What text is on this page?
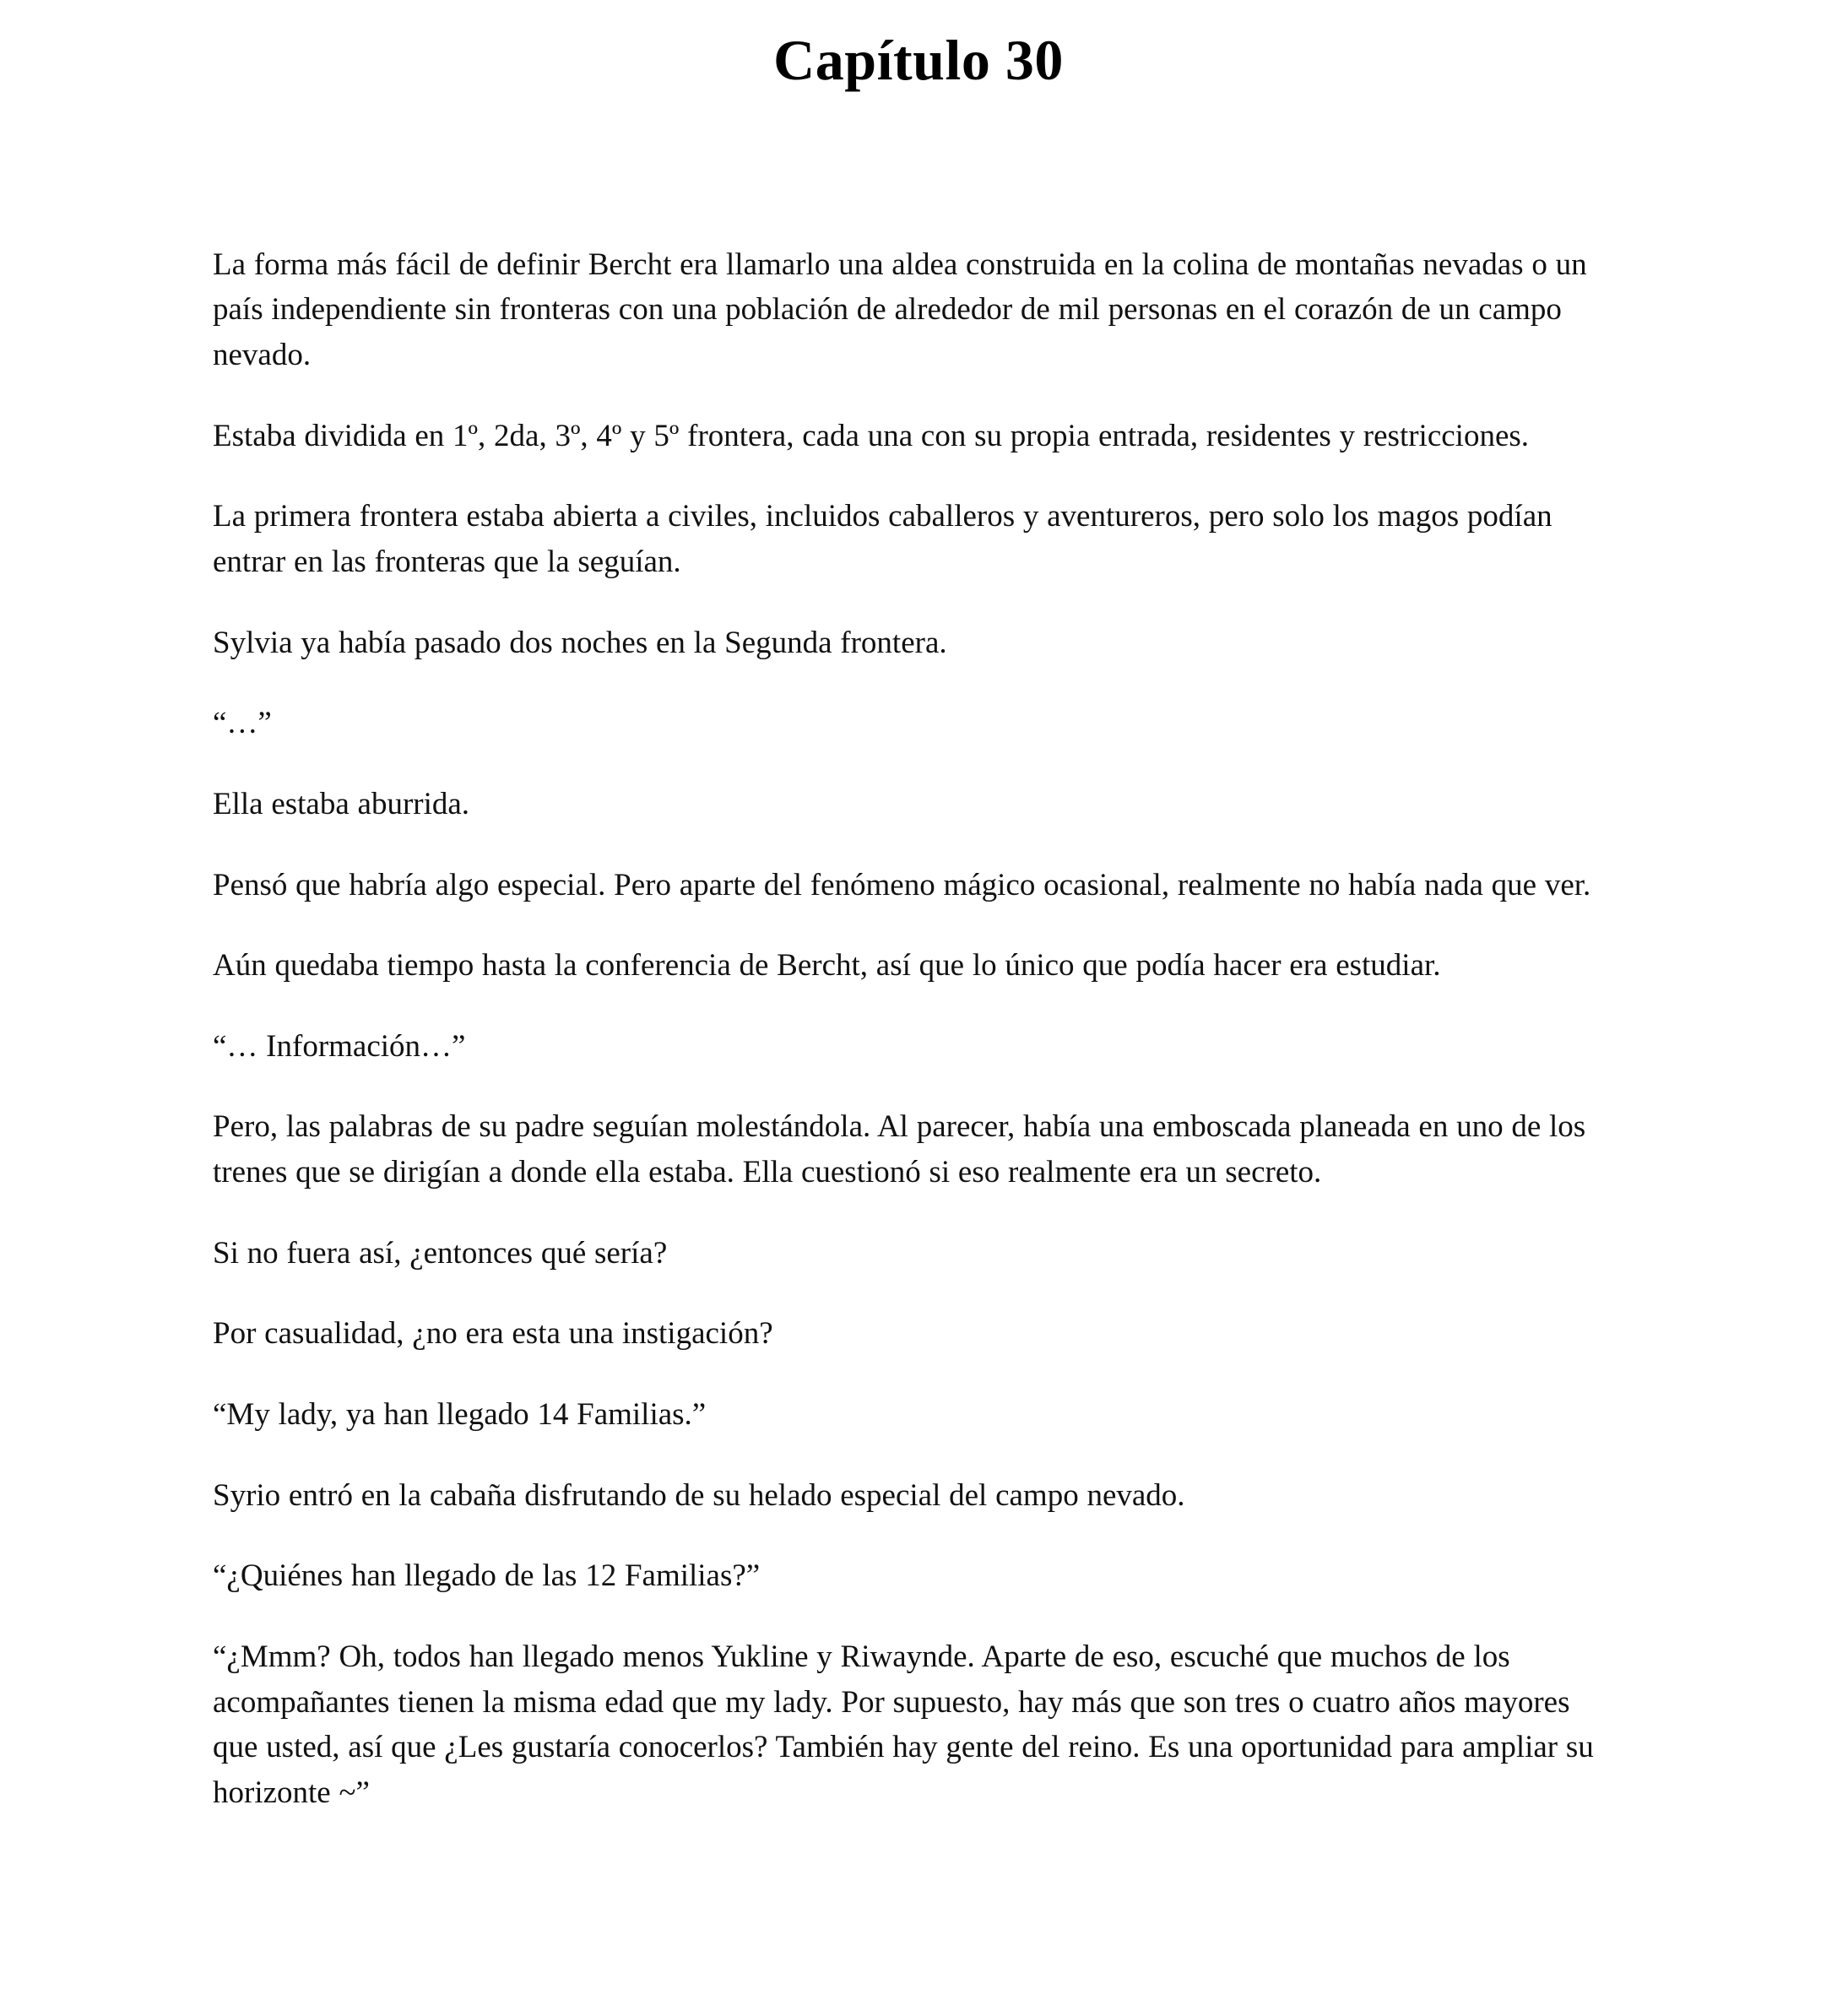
Capítulo 30

La forma más fácil de definir Bercht era llamarlo una aldea construida en la colina de montañas nevadas o un país independiente sin fronteras con una población de alrededor de mil personas en el corazón de un campo nevado.

Estaba dividida en 1º, 2da, 3º, 4º y 5º frontera, cada una con su propia entrada, residentes y restricciones.

La primera frontera estaba abierta a civiles, incluidos caballeros y aventureros, pero solo los magos podían entrar en las fronteras que la seguían.

Sylvia ya había pasado dos noches en la Segunda frontera.

“…”

Ella estaba aburrida.

Pensó que habría algo especial. Pero aparte del fenómeno mágico ocasional, realmente no había nada que ver.

Aún quedaba tiempo hasta la conferencia de Bercht, así que lo único que podía hacer era estudiar.

“… Información…”

Pero, las palabras de su padre seguían molestándola. Al parecer, había una emboscada planeada en uno de los trenes que se dirigían a donde ella estaba. Ella cuestionó si eso realmente era un secreto.

Si no fuera así, ¿entonces qué sería?

Por casualidad, ¿no era esta una instigación?

“My lady, ya han llegado 14 Familias.”

Syrio entró en la cabaña disfrutando de su helado especial del campo nevado.

“¿Quiénes han llegado de las 12 Familias?”

“¿Mmm? Oh, todos han llegado menos Yukline y Riwaynde. Aparte de eso, escuché que muchos de los acompañantes tienen la misma edad que my lady. Por supuesto, hay más que son tres o cuatro años mayores que usted, así que ¿Les gustaría conocerlos? También hay gente del reino. Es una oportunidad para ampliar su horizonte ~”
